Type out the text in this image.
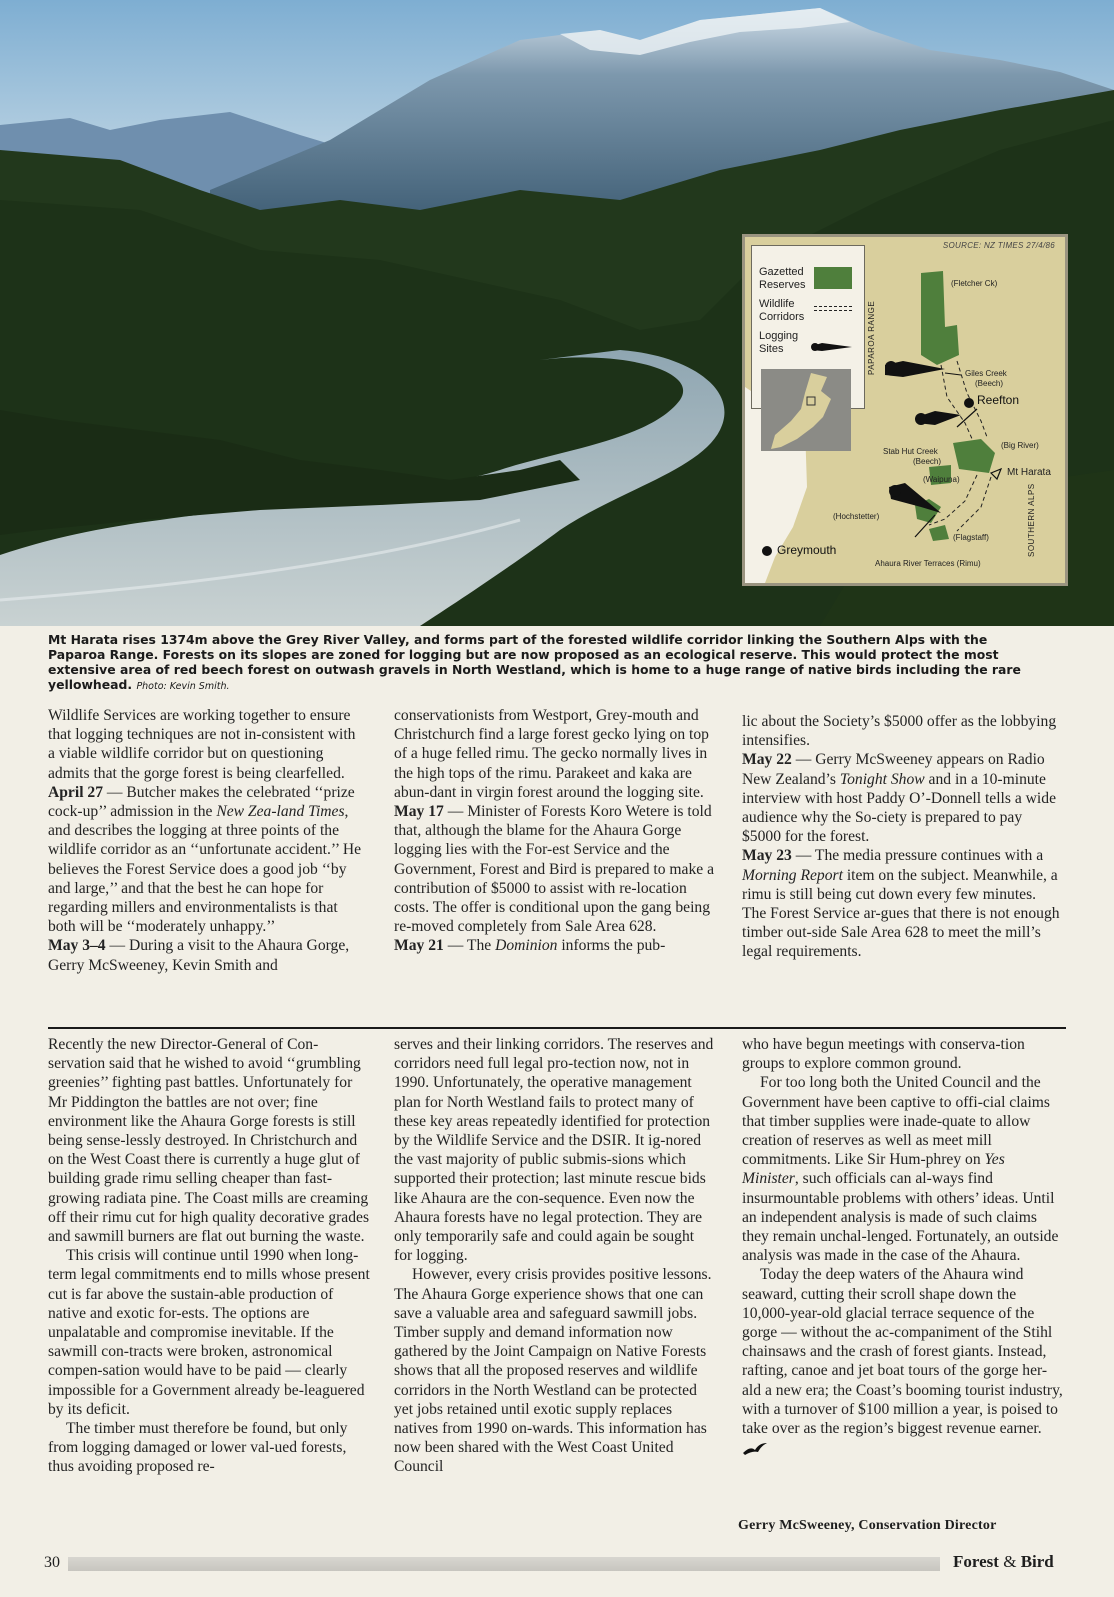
SOURCE: NZ TIMES 27/4/86
Gazetted
Reserves
Wildlife
Corridors
Logging
Sites
(Fletcher Ck)
PAPAROA RANGE	Giles Creek
(Beech)
Reefton
(Big River)
Stab Hut Creek
(Beech)
Mt Harata
(Waipuna)
(Hochstetter)
(Flagstaff)
Greymouth
Ahaura River Terraces (Rimu)
SOUTHERN ALPS
Mt Harata rises 1374m above the Grey River Valley, and forms part of the forested wildlife corridor linking the Southern Alps with the Paparoa Range. Forests on its slopes are zoned for logging but are now proposed as an ecological reserve. This would protect the most extensive area of red beech forest on outwash gravels in North Westland, which is home to a huge range of native birds including the rare yellowhead. Photo: Kevin Smith.

Wildlife Services are working together to ensure that logging techniques are not in-consistent with a viable wildlife corridor but on questioning admits that the gorge forest is being clearfelled.

April 27 — Butcher makes the celebrated ‘‘prize cock-up’’ admission in the New Zea-land Times, and describes the logging at three points of the wildlife corridor as an ‘‘unfortunate accident.’’ He believes the Forest Service does a good job ‘‘by and large,’’ and that the best he can hope for regarding millers and environmentalists is that both will be ‘‘moderately unhappy.’’

May 3–4 — During a visit to the Ahaura Gorge, Gerry McSweeney, Kevin Smith and

conservationists from Westport, Grey-mouth and Christchurch find a large forest gecko lying on top of a huge felled rimu. The gecko normally lives in the high tops of the rimu. Parakeet and kaka are abun-dant in virgin forest around the logging site.

May 17 — Minister of Forests Koro Wetere is told that, although the blame for the Ahaura Gorge logging lies with the For-est Service and the Government, Forest and Bird is prepared to make a contribution of $5000 to assist with re-location costs. The offer is conditional upon the gang being re-moved completely from Sale Area 628.

May 21 — The Dominion informs the pub-

lic about the Society’s $5000 offer as the lobbying intensifies.

May 22 — Gerry McSweeney appears on Radio New Zealand’s Tonight Show and in a 10-minute interview with host Paddy O’-Donnell tells a wide audience why the So-ciety is prepared to pay $5000 for the forest.

May 23 — The media pressure continues with a Morning Report item on the subject. Meanwhile, a rimu is still being cut down every few minutes. The Forest Service ar-gues that there is not enough timber out-side Sale Area 628 to meet the mill’s legal requirements.

Recently the new Director-General of Con-servation said that he wished to avoid ‘‘grumbling greenies’’ fighting past battles. Unfortunately for Mr Piddington the battles are not over; fine environment like the Ahaura Gorge forests is still being sense-lessly destroyed. In Christchurch and on the West Coast there is currently a huge glut of building grade rimu selling cheaper than fast-growing radiata pine. The Coast mills are creaming off their rimu cut for high quality decorative grades and sawmill burners are flat out burning the waste.

This crisis will continue until 1990 when long-term legal commitments end to mills whose present cut is far above the sustain-able production of native and exotic for-ests. The options are unpalatable and compromise inevitable. If the sawmill con-tracts were broken, astronomical compen-sation would have to be paid — clearly impossible for a Government already be-leaguered by its deficit.

The timber must therefore be found, but only from logging damaged or lower val-ued forests, thus avoiding proposed re-

serves and their linking corridors. The reserves and corridors need full legal pro-tection now, not in 1990. Unfortunately, the operative management plan for North Westland fails to protect many of these key areas repeatedly identified for protection by the Wildlife Service and the DSIR. It ig-nored the vast majority of public submis-sions which supported their protection; last minute rescue bids like Ahaura are the con-sequence. Even now the Ahaura forests have no legal protection. They are only temporarily safe and could again be sought for logging.

However, every crisis provides positive lessons. The Ahaura Gorge experience shows that one can save a valuable area and safeguard sawmill jobs. Timber supply and demand information now gathered by the Joint Campaign on Native Forests shows that all the proposed reserves and wildlife corridors in the North Westland can be protected yet jobs retained until exotic supply replaces natives from 1990 on-wards. This information has now been shared with the West Coast United Council

who have begun meetings with conserva-tion groups to explore common ground.

For too long both the United Council and the Government have been captive to offi-cial claims that timber supplies were inade-quate to allow creation of reserves as well as meet mill commitments. Like Sir Hum-phrey on Yes Minister, such officials can al-ways find insurmountable problems with others’ ideas. Until an independent analysis is made of such claims they remain unchal-lenged. Fortunately, an outside analysis was made in the case of the Ahaura.

Today the deep waters of the Ahaura wind seaward, cutting their scroll shape down the 10,000-year-old glacial terrace sequence of the gorge — without the ac-companiment of the Stihl chainsaws and the crash of forest giants. Instead, rafting, canoe and jet boat tours of the gorge her-ald a new era; the Coast’s booming tourist industry, with a turnover of $100 million a year, is poised to take over as the region’s biggest revenue earner.

Gerry McSweeney, Conservation Director
30	Forest & Bird
